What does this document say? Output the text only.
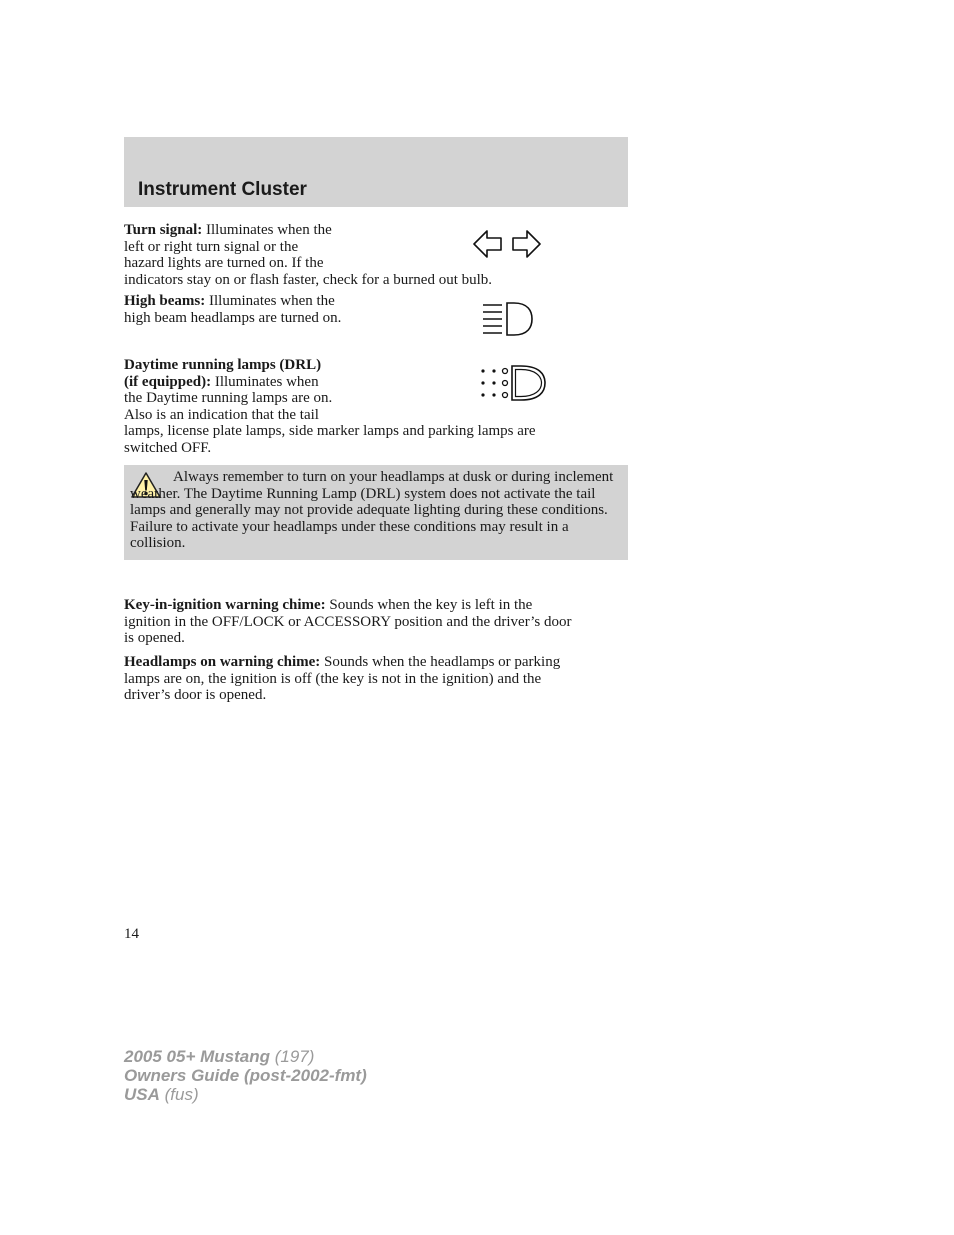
Instrument Cluster

Turn signal: Illuminates when the
left or right turn signal or the
hazard lights are turned on. If the
indicators stay on or flash faster, check for a burned out bulb.

High beams: Illuminates when the
high beam headlamps are turned on.

Daytime running lamps (DRL)
(if equipped): Illuminates when
the Daytime running lamps are on.
Also is an indication that the tail
lamps, license plate lamps, side marker lamps and parking lamps are
switched OFF.

Always remember to turn on your headlamps at dusk or during inclement weather. The Daytime Running Lamp (DRL) system does not activate the tail lamps and generally may not provide adequate lighting during these conditions. Failure to activate your headlamps under these conditions may result in a collision.

Key-in-ignition warning chime: Sounds when the key is left in the
ignition in the OFF/LOCK or ACCESSORY position and the driver’s door
is opened.

Headlamps on warning chime: Sounds when the headlamps or parking
lamps are on, the ignition is off (the key is not in the ignition) and the
driver’s door is opened.

14

2005 05+ Mustang (197)
Owners Guide (post-2002-fmt)
USA (fus)
